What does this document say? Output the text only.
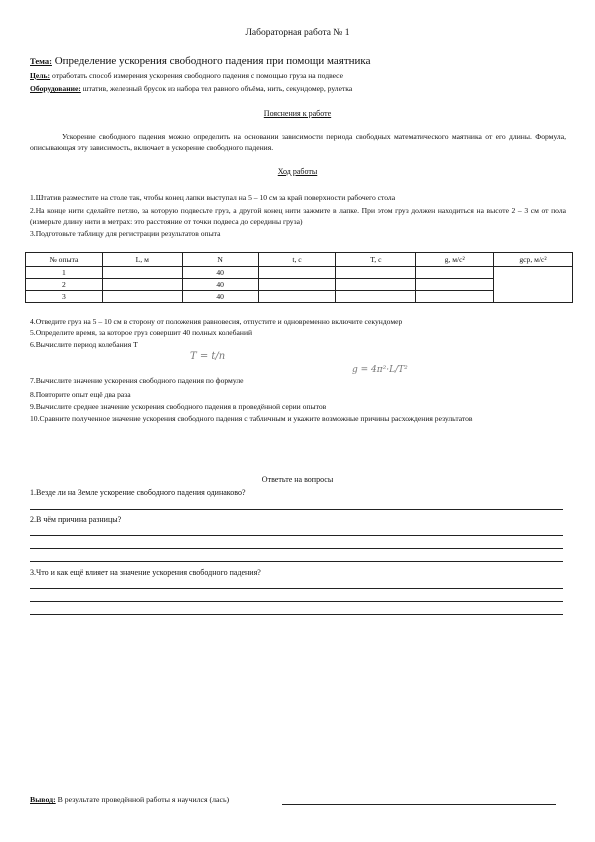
Лабораторная работа № 1
Тема: Определение ускорения свободного падения при помощи маятника
Цель: отработать способ измерения ускорения свободного падения с помощью груза на подвесе
Оборудование: штатив, железный брусок из набора тел равного объёма, нить, секундомер, рулетка
Пояснения к работе
Ускорение свободного падения можно определить на основании зависимости периода свободных математического маятника от его длины. Формула, описывающая эту зависимость, включает в ускорение свободного падения.
Ход работы
1.Штатив разместите на столе так, чтобы конец лапки выступал на 5 – 10 см за край поверхности рабочего стола
2.На конце нити сделайте петлю, за которую подвесьте груз, а другой конец нити зажмите в лапке. При этом груз должен находиться на высоте 2 – 3 см от пола (измерьте длину нити в метрах: это расстояние от точки подвеса до середины груза)
3.Подготовьте таблицу для регистрации результатов опыта
№ опыта	L, м	N	t, c	T, c	g, м/с²	gср, м/с²
1		40				
2		40				
3		40				
4.Отведите груз на 5 – 10 см в сторону от положения равновесия, отпустите и одновременно включите секундомер
5.Определите время, за которое груз совершит 40 полных колебаний
6.Вычислите период колебания Т
T = t/n
7.Вычислите значение ускорения свободного падения по формуле
g = 4π²·L/T²
8.Повторите опыт ещё два раза
9.Вычислите среднее значение ускорения свободного падения в проведённой серии опытов
10.Сравните полученное значение ускорения свободного падения с табличным и укажите возможные причины расхождения результатов
Ответьте на вопросы
1.Везде ли на Земле ускорение свободного падения одинаково?
2.В чём причина разницы?
3.Что и как ещё влияет на значение ускорения свободного падения?
Вывод: В результате проведённой работы я научился (лась)
